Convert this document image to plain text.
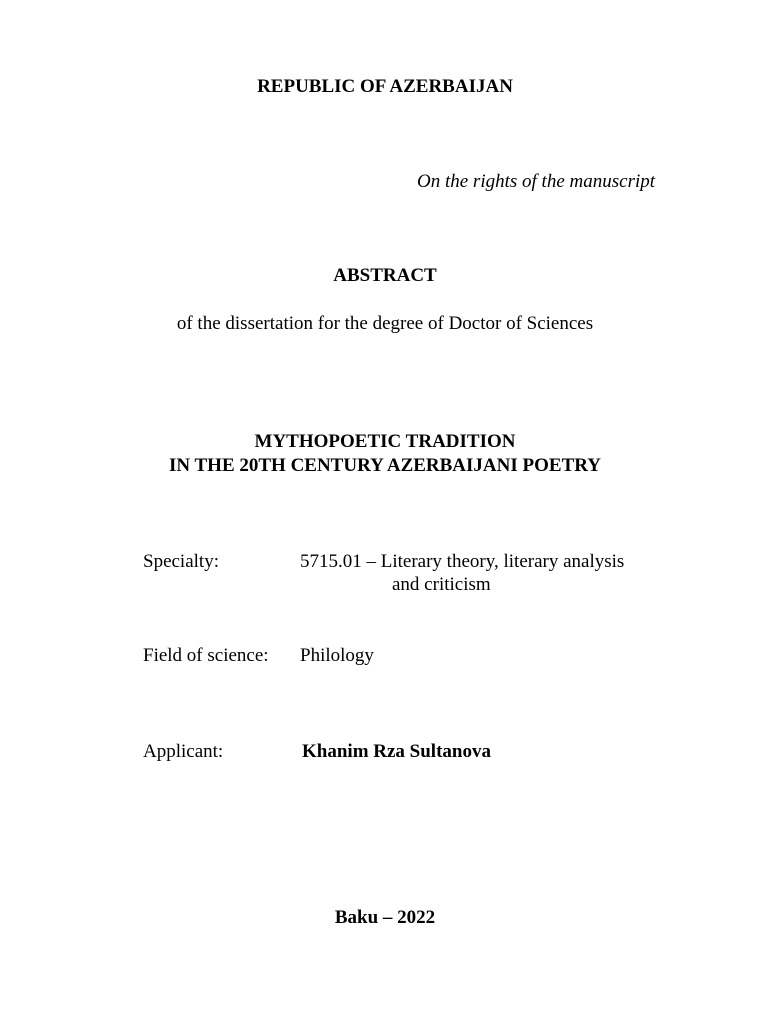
REPUBLIC OF AZERBAIJAN
On the rights of the manuscript
ABSTRACT
of the dissertation for the degree of Doctor of Sciences
MYTHOPOETIC TRADITION
IN THE 20TH CENTURY AZERBAIJANI POETRY
Specialty:	5715.01 – Literary theory, literary analysis
and criticism
Field of science: Philology
Applicant:	Khanim Rza Sultanova
Baku – 2022
